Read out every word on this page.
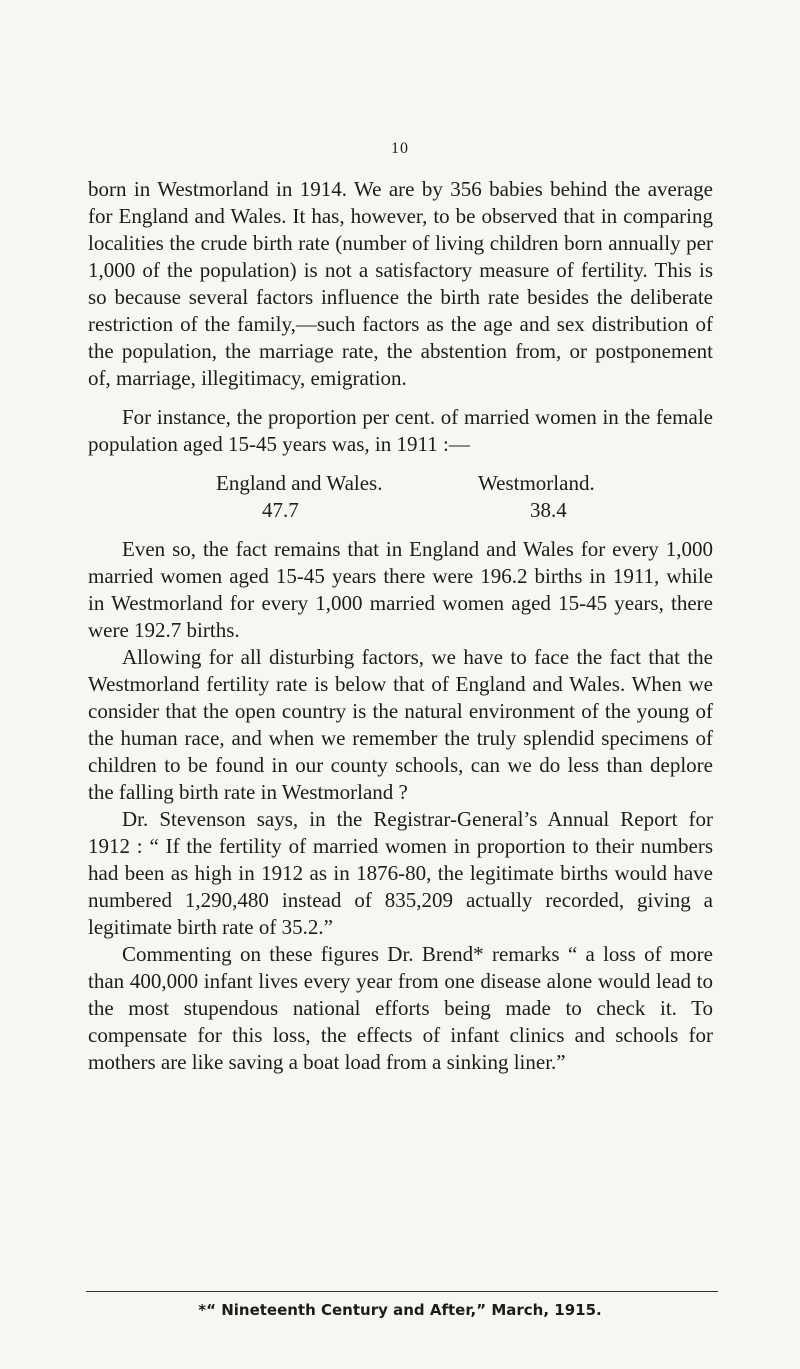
10

born in Westmorland in 1914. We are by 356 babies behind the average for England and Wales. It has, however, to be observed that in comparing localities the crude birth rate (number of living children born annually per 1,000 of the population) is not a satisfactory measure of fertility. This is so because several factors influence the birth rate besides the deliberate restriction of the family,—such factors as the age and sex distribution of the population, the marriage rate, the abstention from, or postponement of, marriage, illegitimacy, emigration.

For instance, the proportion per cent. of married women in the female population aged 15-45 years was, in 1911 :—

England and Wales.	Westmorland.
47.7	38.4

Even so, the fact remains that in England and Wales for every 1,000 married women aged 15-45 years there were 196.2 births in 1911, while in Westmorland for every 1,000 married women aged 15-45 years, there were 192.7 births.

Allowing for all disturbing factors, we have to face the fact that the Westmorland fertility rate is below that of England and Wales. When we consider that the open country is the natural environment of the young of the human race, and when we remember the truly splendid specimens of children to be found in our county schools, can we do less than deplore the falling birth rate in Westmorland ?

Dr. Stevenson says, in the Registrar-General’s Annual Report for 1912 : “ If the fertility of married women in proportion to their numbers had been as high in 1912 as in 1876-80, the legitimate births would have numbered 1,290,480 instead of 835,209 actually recorded, giving a legitimate birth rate of 35.2.”

Commenting on these figures Dr. Brend* remarks “ a loss of more than 400,000 infant lives every year from one disease alone would lead to the most stupendous national efforts being made to check it. To compensate for this loss, the effects of infant clinics and schools for mothers are like saving a boat load from a sinking liner.”

*“ Nineteenth Century and After,” March, 1915.
